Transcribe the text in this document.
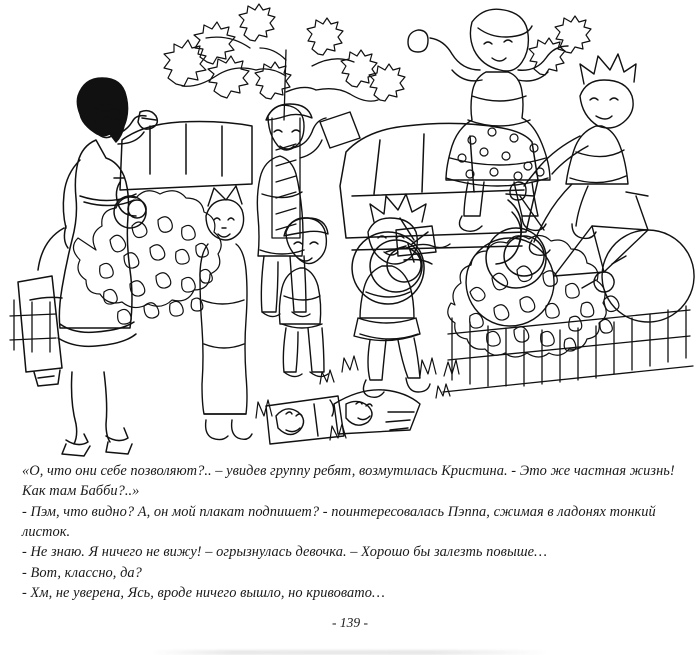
«О, что они себе позволяют?.. – увидев группу ребят, возмутилась Кристина. - Это же частная жизнь! Как там Бабби?..»

- Пэм, что видно? А, он мой плакат подпишет? - поинтересовалась Пэппа, сжимая в ладонях тонкий листок.

- Не знаю. Я ничего не вижу! – огрызнулась девочка. – Хорошо бы залезть повыше…

- Вот, классно, да?

- Хм, не уверена, Ясь, вроде ничего вышло, но кривовато…

- 139 -
